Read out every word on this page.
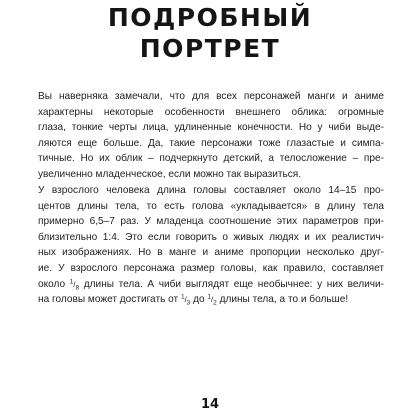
ПОДРОБНЫЙ
ПОРТРЕТ

Вы наверняка замечали, что для всех персонажей манги и аниме
характерны некоторые особенности внешнего облика: огромные
глаза, тонкие черты лица, удлиненные конечности. Но у чиби выде-
ляются еще больше. Да, такие персонажи тоже глазастые и симпа-
тичные. Но их облик – подчеркнуто детский, а телосложение – пре-
увеличенно младенческое, если можно так выразиться.

У взрослого человека длина головы составляет около 14–15 про-
центов длины тела, то есть голова «укладывается» в длину тела
примерно 6,5–7 раз. У младенца соотношение этих параметров при-
близительно 1:4. Это если говорить о живых людях и их реалистич-
ных изображениях. Но в манге и аниме пропорции несколько друг-
ие. У взрослого персонажа размер головы, как правило, составляет
около $^1/_8$ длины тела. А чиби выглядят еще необычнее: у них величи-
на головы может достигать от $^1/_3$ до $^1/_2$ длины тела, а то и больше!

14
